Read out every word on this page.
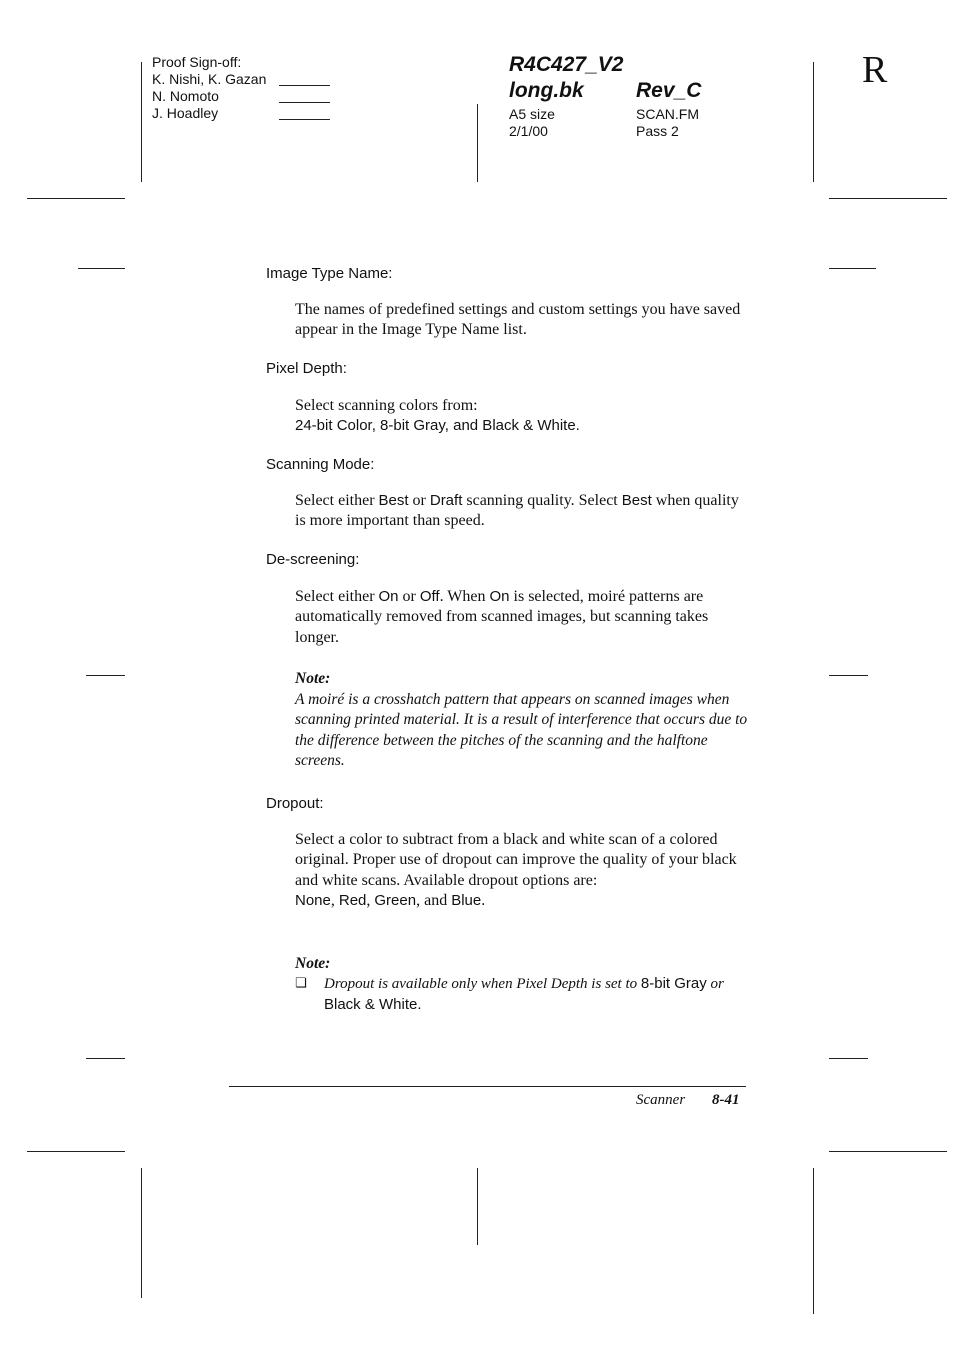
Proof Sign-off:
K. Nishi, K. Gazan
N. Nomoto
J. Hoadley
R4C427_V2
long.bk	Rev_C
A5 size
2/1/00
SCAN.FM
Pass 2
R
Image Type Name:
The names of predefined settings and custom settings you have saved appear in the Image Type Name list.
Pixel Depth:
Select scanning colors from:
24-bit Color, 8-bit Gray, and Black & White.
Scanning Mode:
Select either Best or Draft scanning quality. Select Best when quality is more important than speed.
De-screening:
Select either On or Off. When On is selected, moiré patterns are automatically removed from scanned images, but scanning takes longer.
Note:
A moiré is a crosshatch pattern that appears on scanned images when scanning printed material. It is a result of interference that occurs due to the difference between the pitches of the scanning and the halftone screens.
Dropout:
Select a color to subtract from a black and white scan of a colored original. Proper use of dropout can improve the quality of your black and white scans. Available dropout options are:
None, Red, Green, and Blue.
Note:
❏ Dropout is available only when Pixel Depth is set to 8-bit Gray or Black & White.
Scanner 8-41
